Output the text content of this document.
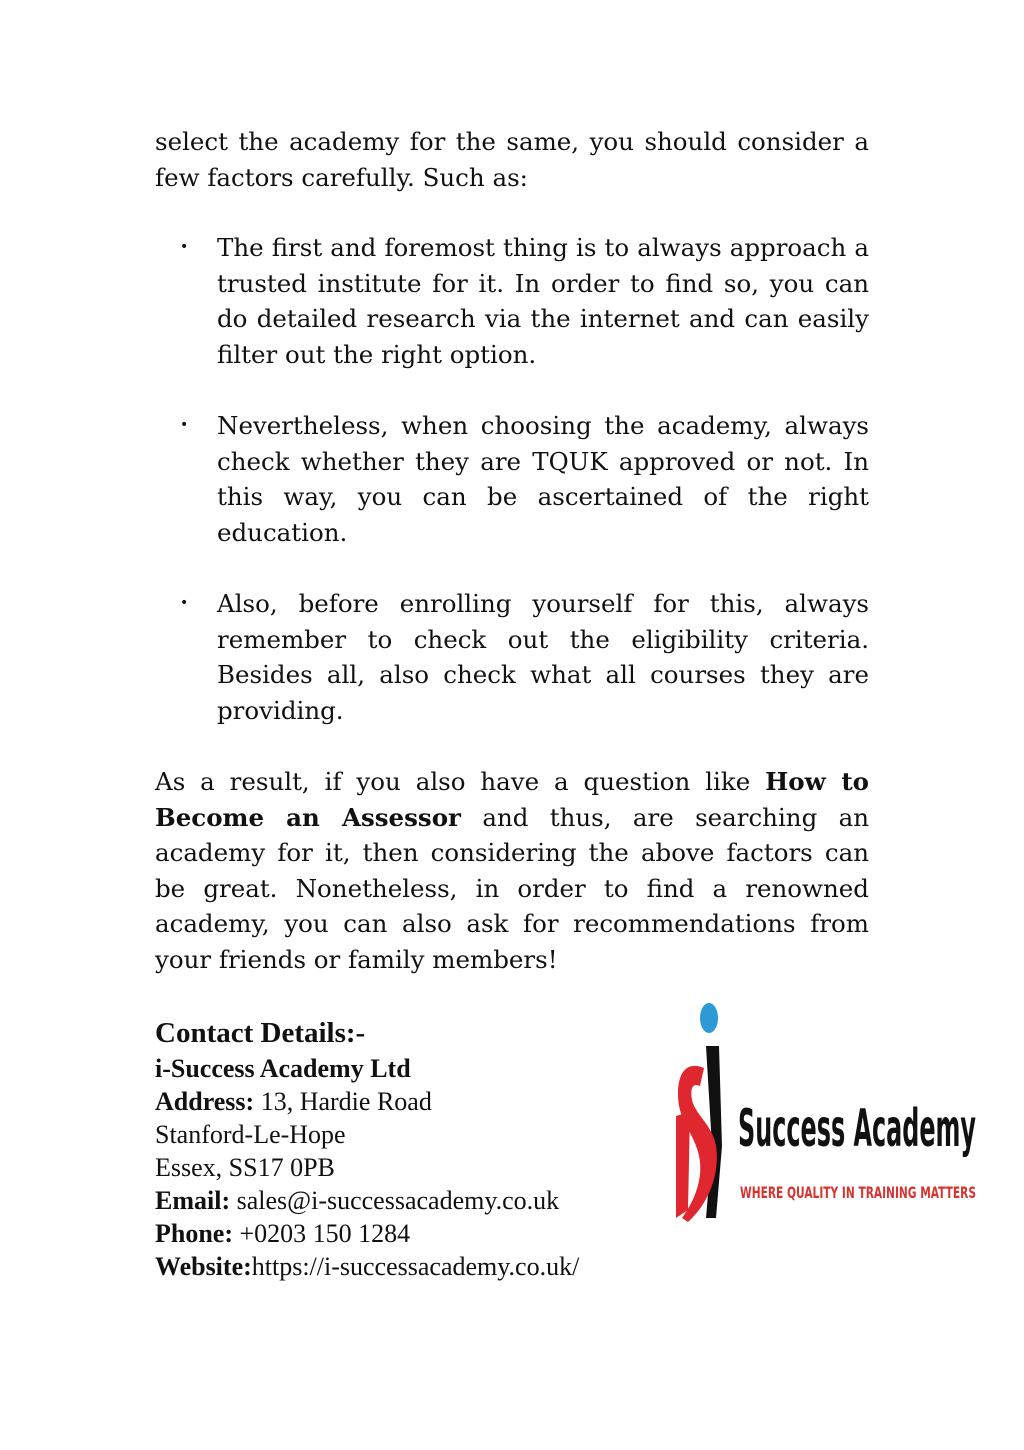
select the academy for the same, you should consider a few factors carefully. Such as:

• The first and foremost thing is to always approach a trusted institute for it. In order to find so, you can do detailed research via the internet and can easily filter out the right option.
• Nevertheless, when choosing the academy, always check whether they are TQUK approved or not. In this way, you can be ascertained of the right education.
• Also, before enrolling yourself for this, always remember to check out the eligibility criteria. Besides all, also check what all courses they are providing.

As a result, if you also have a question like How to Become an Assessor and thus, are searching an academy for it, then considering the above factors can be great. Nonetheless, in order to find a renowned academy, you can also ask for recommendations from your friends or family members!

Contact Details:-

i-Success Academy Ltd

Address: 13, Hardie Road

Stanford-Le-Hope

Essex, SS17 0PB

Email: sales@i-successacademy.co.uk

Phone: +0203 150 1284

Website:https://i-successacademy.co.uk/

Success Academy
WHERE QUALITY IN TRAINING MATTERS
